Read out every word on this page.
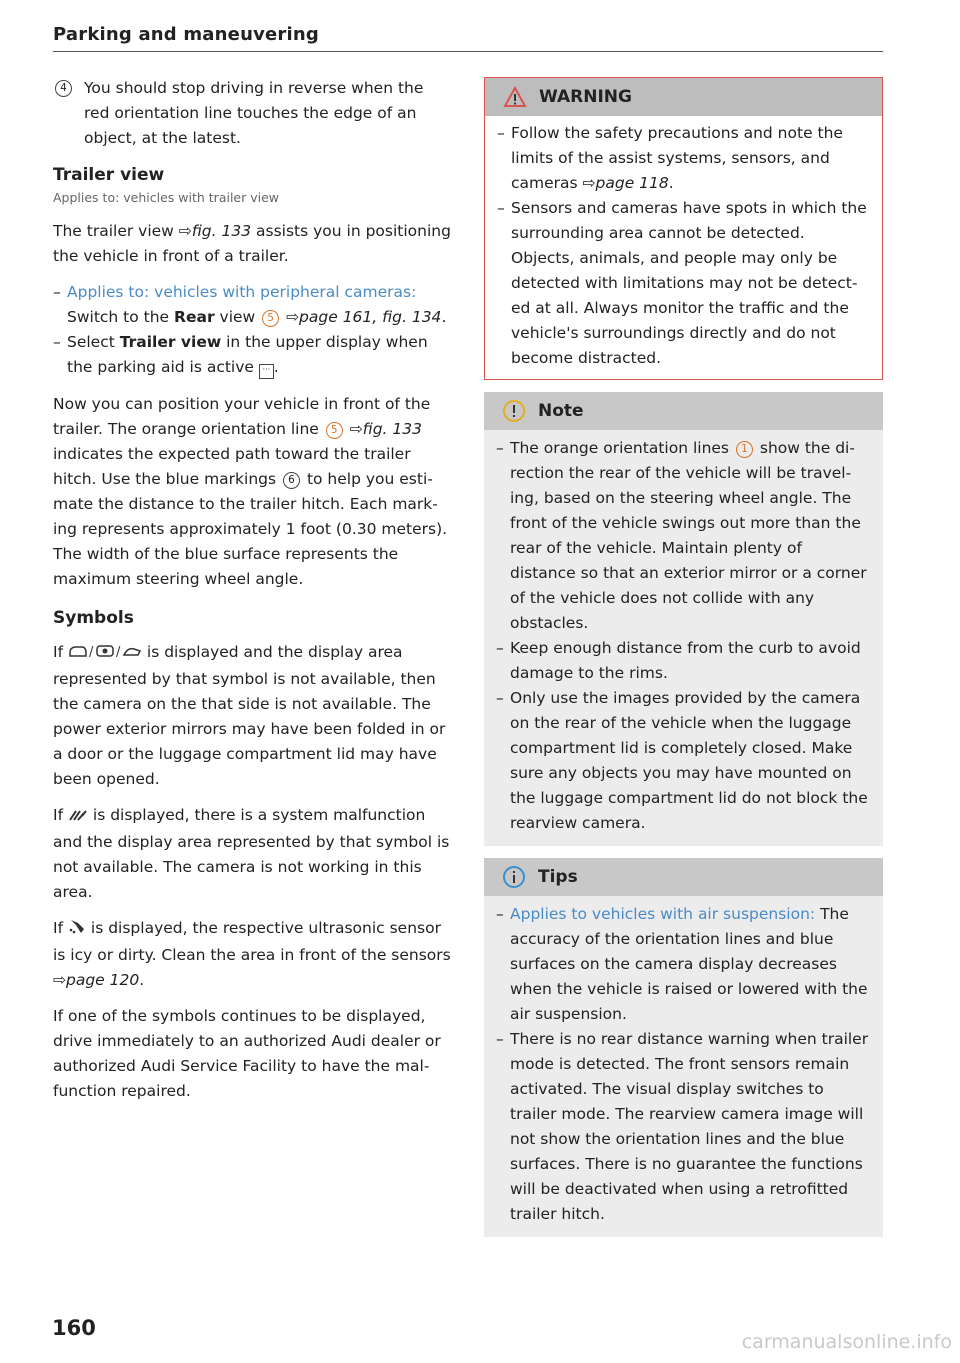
Parking and maneuvering
4	You should stop driving in reverse when the red orientation line touches the edge of an object, at the latest.
Trailer view
Applies to: vehicles with trailer view

The trailer view ⇨fig. 133 assists you in positioning the vehicle in front of a trailer.

– Applies to: vehicles with peripheral cameras: Switch to the Rear view 5 ⇨page 161, fig. 134.
– Select Trailer view in the upper display when the parking aid is active ··· .

Now you can position your vehicle in front of the trailer. The orange orientation line 5 ⇨fig. 133 indicates the expected path toward the trailer hitch. Use the blue markings 6 to help you estimate the distance to the trailer hitch. Each marking represents approximately 1 foot (0.30 meters). The width of the blue surface represents the maximum steering wheel angle.

Symbols

If / / is displayed and the display area represented by that symbol is not available, then the camera on the that side is not available. The power exterior mirrors may have been folded in or a door or the luggage compartment lid may have been opened.

If  is displayed, there is a system malfunction and the display area represented by that symbol is not available. The camera is not working in this area.

If  is displayed, the respective ultrasonic sensor is icy or dirty. Clean the area in front of the sensors ⇨page 120.

If one of the symbols continues to be displayed, drive immediately to an authorized Audi dealer or authorized Audi Service Facility to have the malfunction repaired.

WARNING
– Follow the safety precautions and note the limits of the assist systems, sensors, and cameras ⇨page 118.
– Sensors and cameras have spots in which the surrounding area cannot be detected. Objects, animals, and people may only be detected with limitations may not be detected at all. Always monitor the traffic and the vehicle's surroundings directly and do not become distracted.
Note
– The orange orientation lines 1 show the direction the rear of the vehicle will be traveling, based on the steering wheel angle. The front of the vehicle swings out more than the rear of the vehicle. Maintain plenty of distance so that an exterior mirror or a corner of the vehicle does not collide with any obstacles.
– Keep enough distance from the curb to avoid damage to the rims.
– Only use the images provided by the camera on the rear of the vehicle when the luggage compartment lid is completely closed. Make sure any objects you may have mounted on the luggage compartment lid do not block the rearview camera.
Tips
– Applies to vehicles with air suspension: The accuracy of the orientation lines and blue surfaces on the camera display decreases when the vehicle is raised or lowered with the air suspension.
– There is no rear distance warning when trailer mode is detected. The front sensors remain activated. The visual display switches to trailer mode. The rearview camera image will not show the orientation lines and the blue surfaces. There is no guarantee the functions will be deactivated when using a retrofitted trailer hitch.
160
carmanualsonline.info
